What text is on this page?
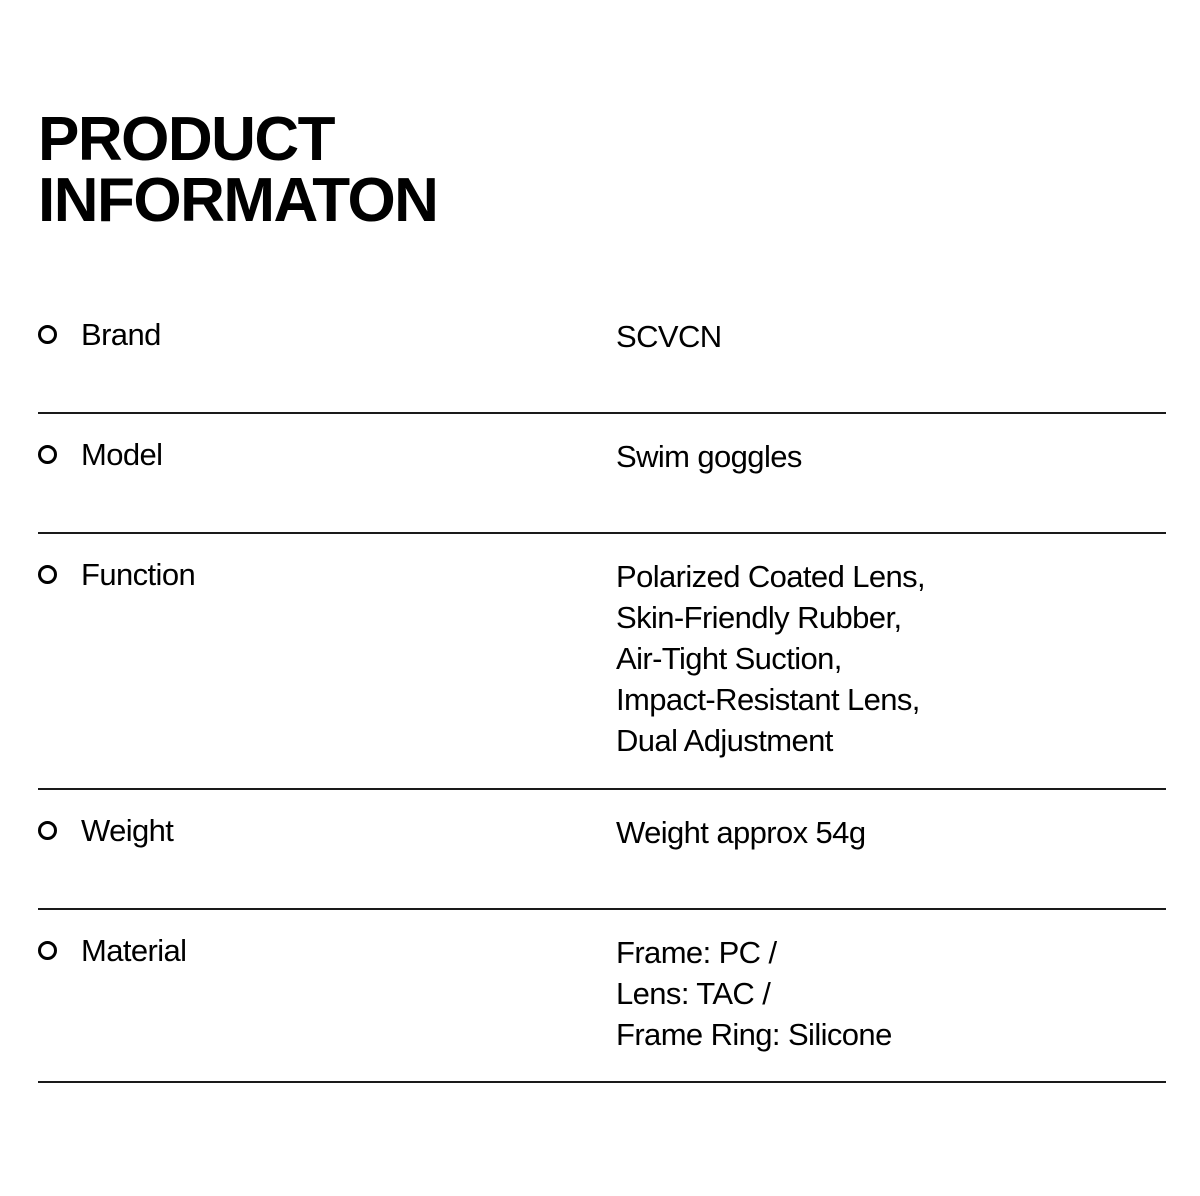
PRODUCT
INFORMATON
Brand	SCVCN
Model	Swim goggles
Function	Polarized Coated Lens,
Skin-Friendly Rubber,
Air-Tight Suction,
Impact-Resistant Lens,
Dual Adjustment
Weight	Weight approx 54g
Material	Frame: PC /
Lens: TAC /
Frame Ring: Silicone
